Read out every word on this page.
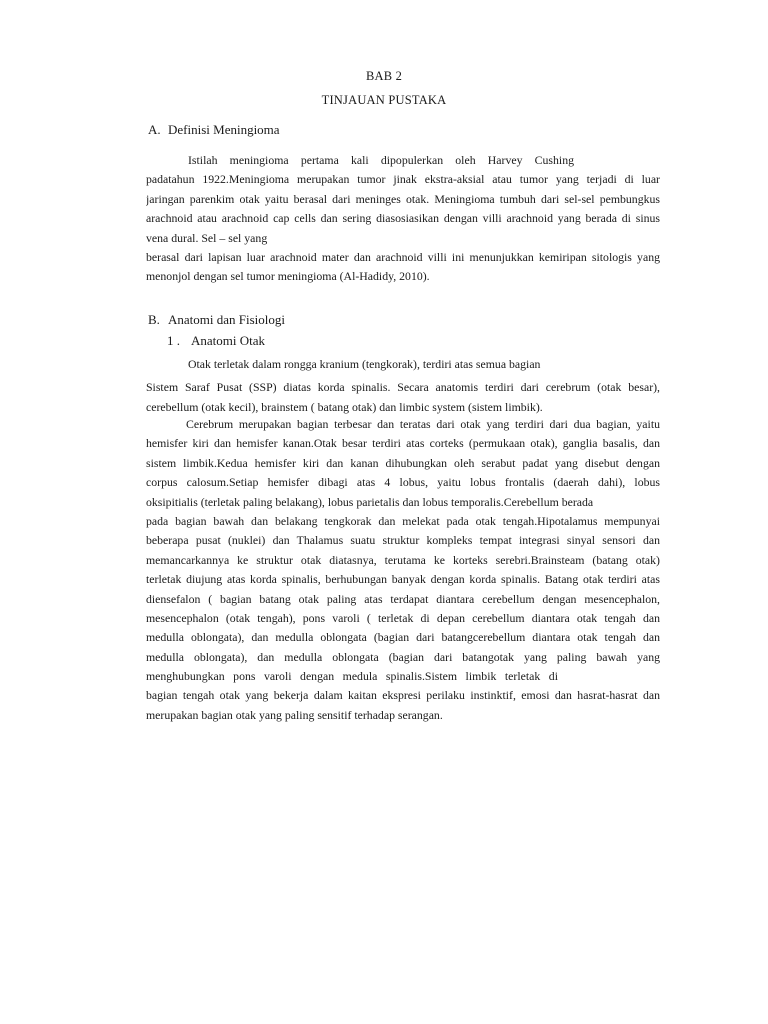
BAB 2
TINJAUAN PUSTAKA
A. Definisi Meningioma
Istilah meningioma pertama kali dipopulerkan oleh Harvey Cushing
padatahun 1922.Meningioma merupakan tumor jinak ekstra-aksial atau tumor yang terjadi di luar
jaringan parenkim otak yaitu berasal dari meninges otak. Meningioma tumbuh dari sel-sel pembungkus
arachnoid atau arachnoid cap cells dan sering diasosiasikan dengan villi arachnoid yang berada di sinus
vena dural. Sel – sel yang
berasal dari lapisan luar arachnoid mater dan arachnoid villi ini menunjukkan kemiripan sitologis yang
menonjol dengan sel tumor meningioma (Al-Hadidy, 2010).
B. Anatomi dan Fisiologi
1 . Anatomi Otak
Otak terletak dalam rongga kranium (tengkorak), terdiri atas semua bagian
Sistem Saraf Pusat (SSP) diatas korda spinalis. Secara anatomis terdiri dari cerebrum (otak besar),
cerebellum (otak kecil), brainstem ( batang otak) dan limbic system (sistem limbik).
Cerebrum merupakan bagian terbesar dan teratas dari otak yang terdiri dari dua bagian, yaitu
hemisfer kiri dan hemisfer kanan.Otak besar terdiri atas corteks (permukaan otak), ganglia basalis, dan
sistem limbik.Kedua hemisfer kiri dan kanan dihubungkan oleh serabut padat yang disebut dengan
corpus calosum.Setiap hemisfer dibagi atas 4 lobus, yaitu lobus frontalis (daerah dahi), lobus
oksipitialis (terletak paling belakang), lobus parietalis dan lobus temporalis.Cerebellum berada
pada bagian bawah dan belakang tengkorak dan melekat pada otak tengah.Hipotalamus mempunyai
beberapa pusat (nuklei) dan Thalamus suatu struktur kompleks tempat integrasi sinyal sensori dan
memancarkannya ke struktur otak diatasnya, terutama ke korteks serebri.Brainsteam (batang otak)
terletak diujung atas korda spinalis, berhubungan banyak dengan korda spinalis. Batang otak terdiri atas
diensefalon ( bagian batang otak paling atas terdapat diantara cerebellum dengan mesencephalon,
mesencephalon (otak tengah), pons varoli ( terletak di depan cerebellum diantara otak tengah dan
medulla oblongata), dan medulla oblongata (bagian dari batangcerebellum diantara otak tengah dan
medulla oblongata), dan medulla oblongata (bagian dari batangotak yang paling bawah yang
menghubungkan pons varoli dengan medula spinalis.Sistem limbik terletak di
bagian tengah otak yang bekerja dalam kaitan ekspresi perilaku instinktif, emosi dan hasrat-hasrat dan
merupakan bagian otak yang paling sensitif terhadap serangan.
